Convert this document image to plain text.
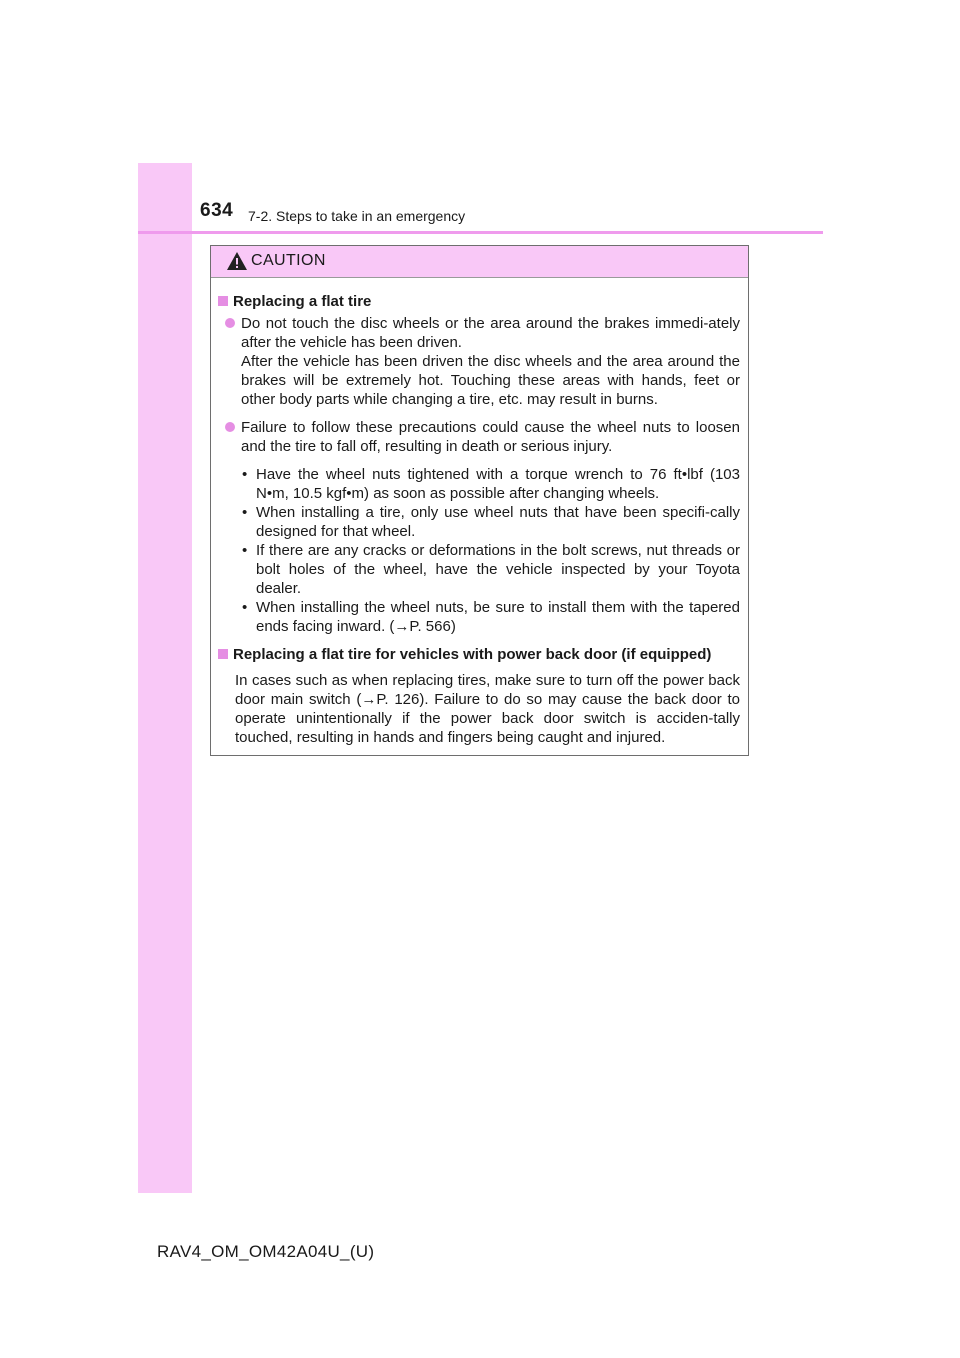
634 7-2. Steps to take in an emergency
CAUTION
Replacing a flat tire
Do not touch the disc wheels or the area around the brakes immedi-ately after the vehicle has been driven.
After the vehicle has been driven the disc wheels and the area around the brakes will be extremely hot. Touching these areas with hands, feet or other body parts while changing a tire, etc. may result in burns.
Failure to follow these precautions could cause the wheel nuts to loosen and the tire to fall off, resulting in death or serious injury.
• Have the wheel nuts tightened with a torque wrench to 76 ft•lbf (103 N•m, 10.5 kgf•m) as soon as possible after changing wheels.
• When installing a tire, only use wheel nuts that have been specifi-cally designed for that wheel.
• If there are any cracks or deformations in the bolt screws, nut threads or bolt holes of the wheel, have the vehicle inspected by your Toyota dealer.
• When installing the wheel nuts, be sure to install them with the tapered ends facing inward. (→P. 566)
Replacing a flat tire for vehicles with power back door (if equipped)
In cases such as when replacing tires, make sure to turn off the power back door main switch (→P. 126). Failure to do so may cause the back door to operate unintentionally if the power back door switch is acciden-tally touched, resulting in hands and fingers being caught and injured.
RAV4_OM_OM42A04U_(U)
